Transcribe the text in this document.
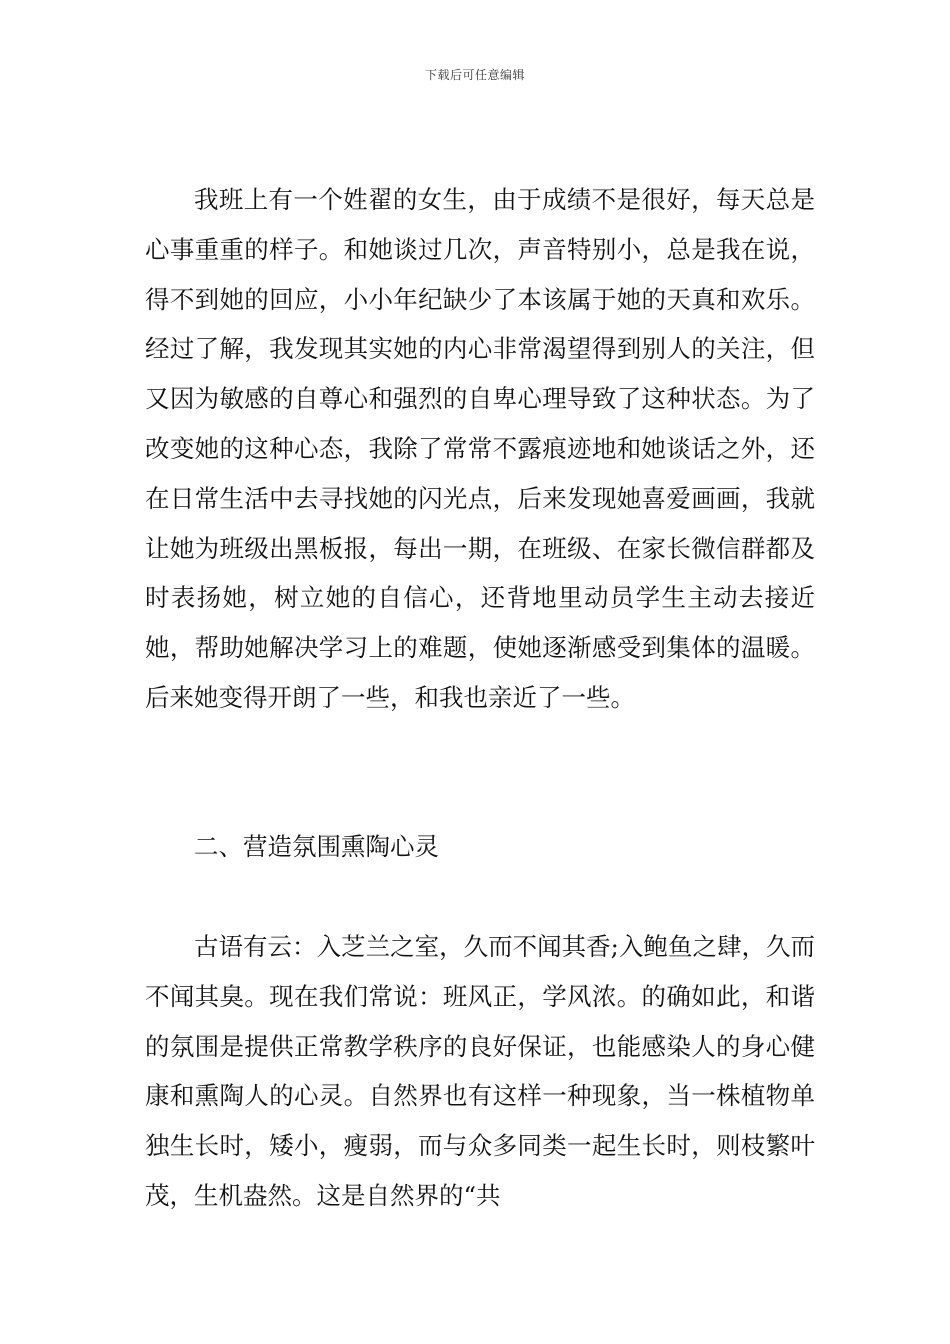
下载后可任意编辑

我班上有一个姓翟的女生，由于成绩不是很好，每天总是心事重重的样子。和她谈过几次，声音特别小，总是我在说，得不到她的回应，小小年纪缺少了本该属于她的天真和欢乐。经过了解，我发现其实她的内心非常渴望得到别人的关注，但又因为敏感的自尊心和强烈的自卑心理导致了这种状态。为了改变她的这种心态，我除了常常不露痕迹地和她谈话之外，还在日常生活中去寻找她的闪光点，后来发现她喜爱画画，我就让她为班级出黑板报，每出一期，在班级、在家长微信群都及时表扬她，树立她的自信心，还背地里动员学生主动去接近她，帮助她解决学习上的难题，使她逐渐感受到集体的温暖。后来她变得开朗了一些，和我也亲近了一些。

二、营造氛围熏陶心灵

古语有云：入芝兰之室，久而不闻其香;入鲍鱼之肆，久而不闻其臭。现在我们常说：班风正，学风浓。的确如此，和谐的氛围是提供正常教学秩序的良好保证，也能感染人的身心健康和熏陶人的心灵。自然界也有这样一种现象，当一株植物单独生长时，矮小，瘦弱，而与众多同类一起生长时，则枝繁叶茂，生机盎然。这是自然界的“共
